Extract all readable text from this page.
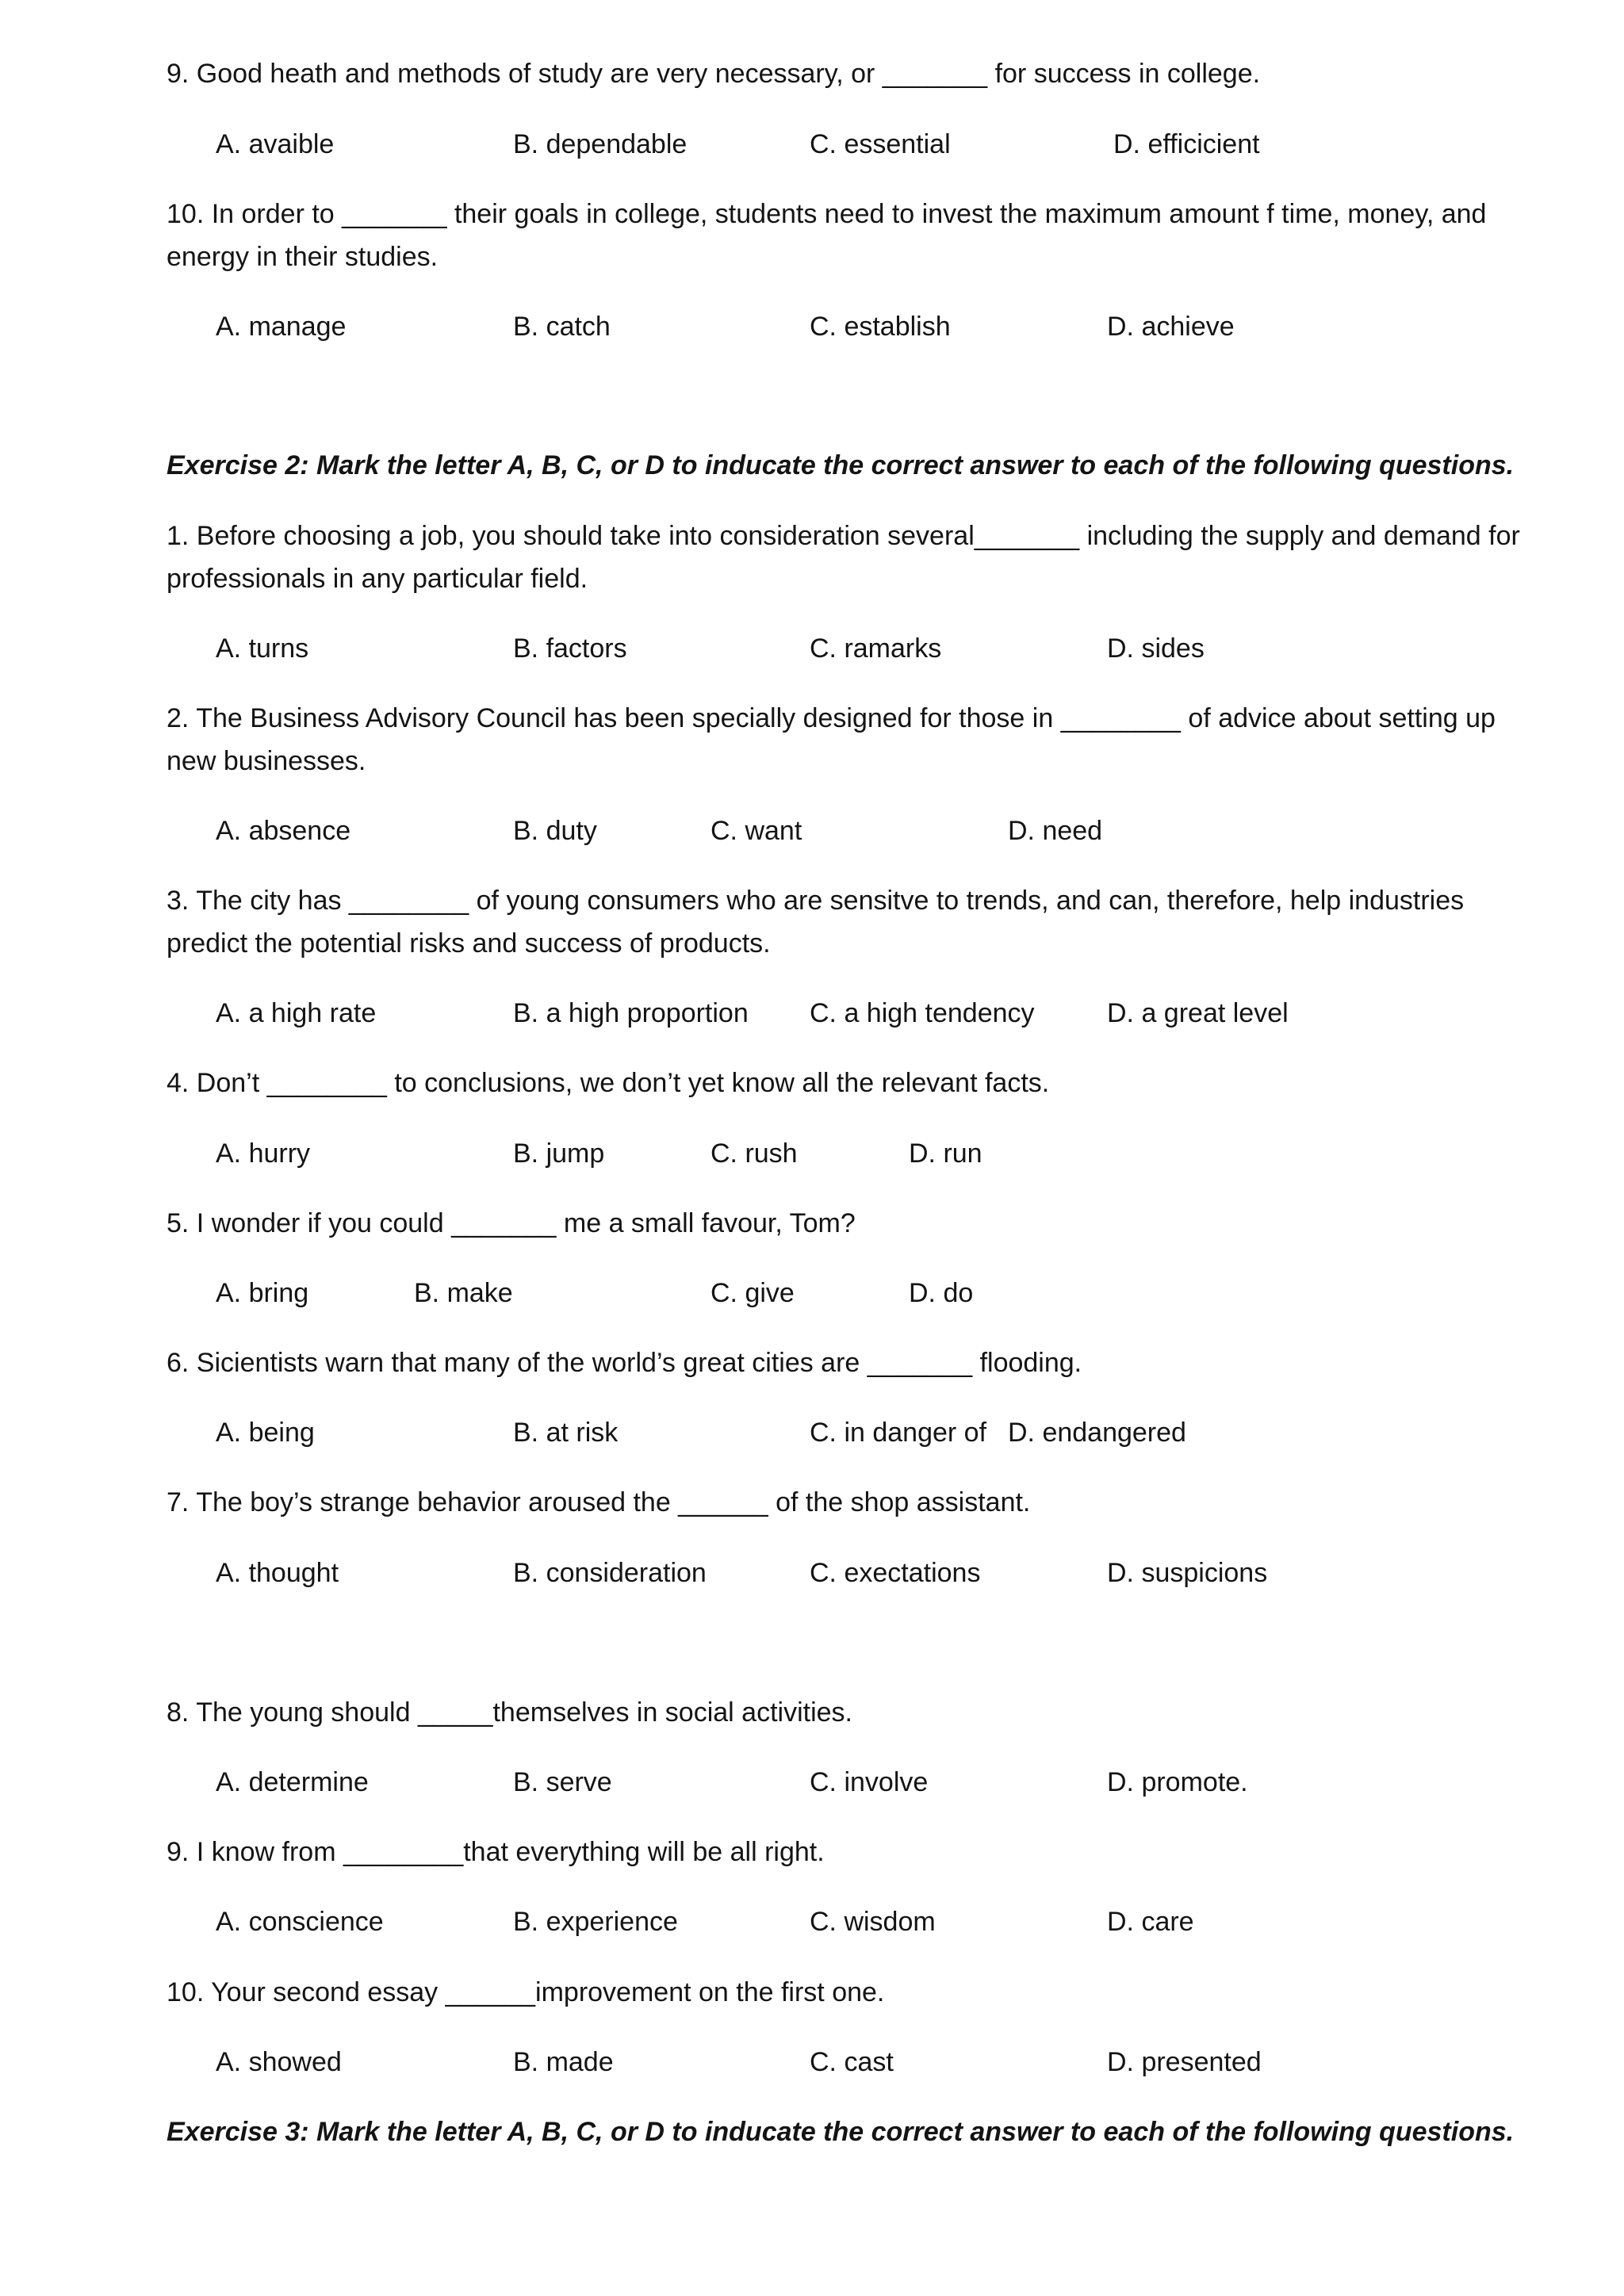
9. Good heath and methods of study are very necessary, or _______ for success in college.
A. avaible	B. dependable	C. essential	D. efficicient
10. In order to _______ their goals in college, students need to invest the maximum amount f time, money, and energy in their studies.
A. manage	B. catch	C. establish	D. achieve
Exercise 2: Mark the letter A, B, C, or D to inducate the correct answer to each of the following questions.
1. Before choosing a job, you should take into consideration several_______ including the supply and demand for professionals in any particular field.
A. turns	B. factors	C. ramarks	D. sides
2. The Business Advisory Council has been specially designed for those in ________ of advice about setting up new businesses.
A. absence	B. duty	C. want	D. need
3. The city has ________ of young consumers who are sensitve to trends, and can, therefore, help industries predict the potential risks and success of products.
A. a high rate	B. a high proportion C. a high tendency	D. a great level
4. Don’t ________ to conclusions, we don’t yet know all the relevant facts.
A. hurry	B. jump	C. rush	D. run
5. I wonder if you could _______ me a small favour, Tom?
A. bring	B. make	C. give	D. do
6. Sicientists warn that many of the world’s great cities are _______ flooding.
A. being	B. at risk	C. in danger of D. endangered
7. The boy’s strange behavior aroused the ______ of the shop assistant.
A. thought	B. consideration	C. exectations	D. suspicions
8. The young should _____themselves in social activities.
A. determine	B. serve	C. involve	D. promote.
9. I know from ________that everything will be all right.
A. conscience	B. experience	C. wisdom	D. care
10. Your second essay ______improvement on the first one.
A. showed	B. made	C. cast	D. presented
Exercise 3: Mark the letter A, B, C, or D to inducate the correct answer to each of the following questions.
